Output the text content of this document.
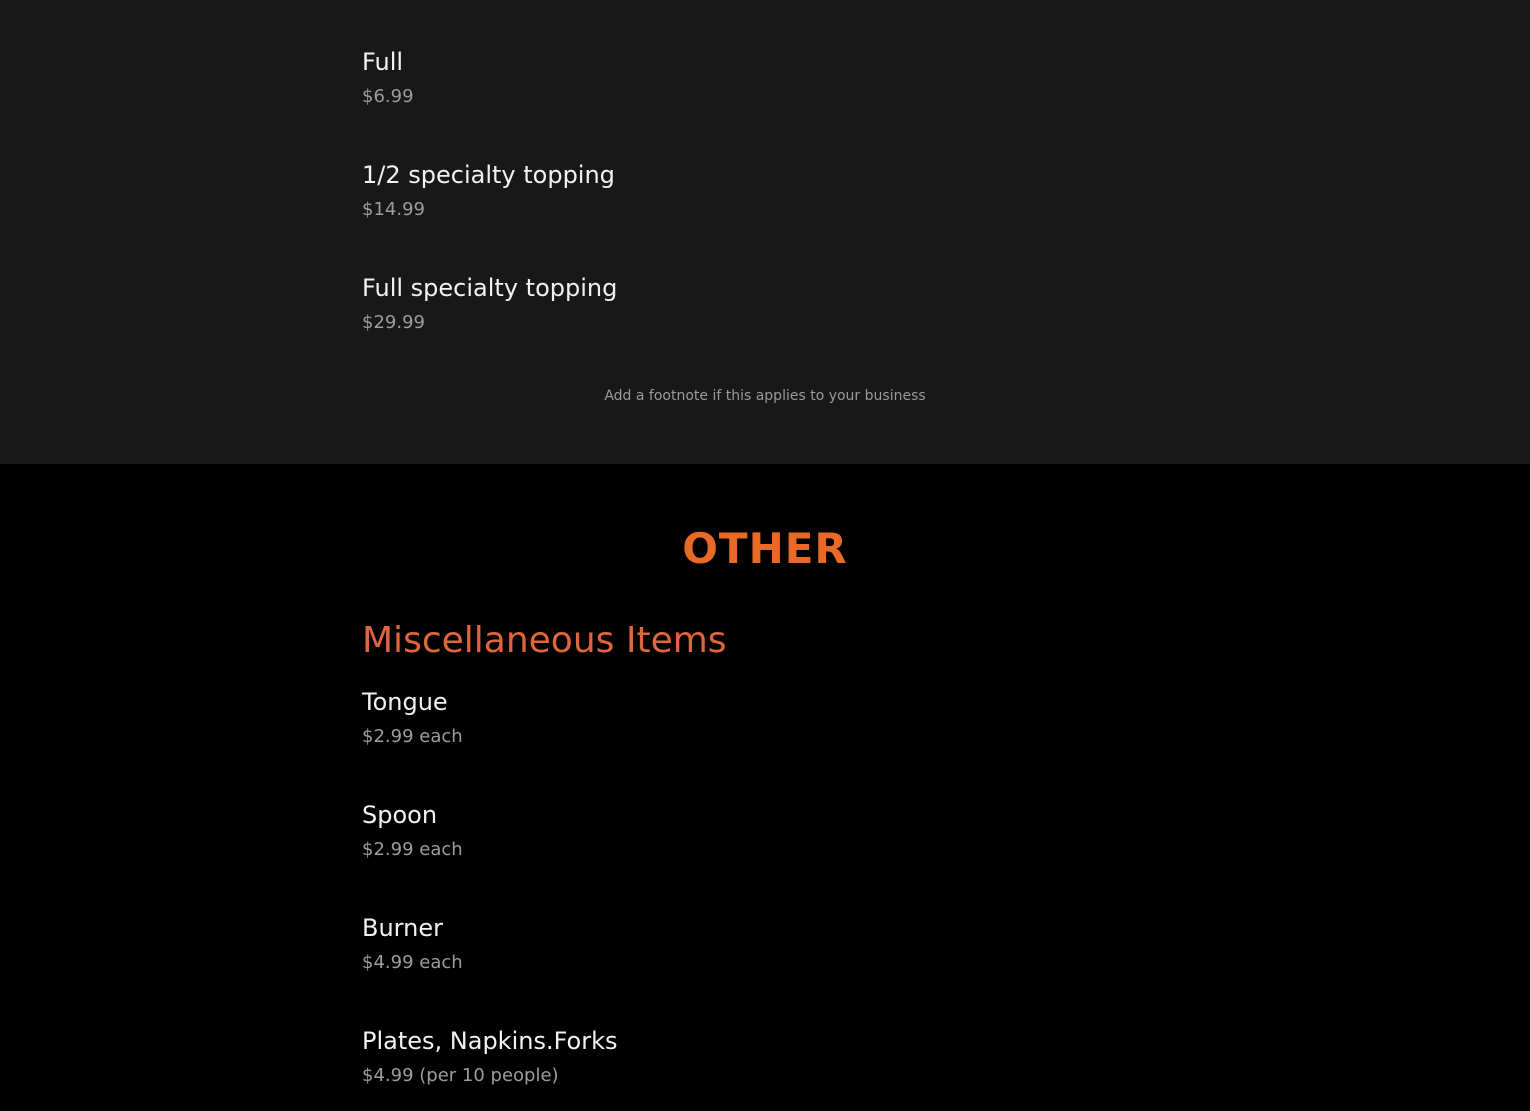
Full
$6.99
1/2 specialty topping
$14.99
Full specialty topping
$29.99
Add a footnote if this applies to your business
OTHER
Miscellaneous Items
Tongue
$2.99 each
Spoon
$2.99 each
Burner
$4.99 each
Plates, Napkins.Forks
$4.99 (per 10 people)
